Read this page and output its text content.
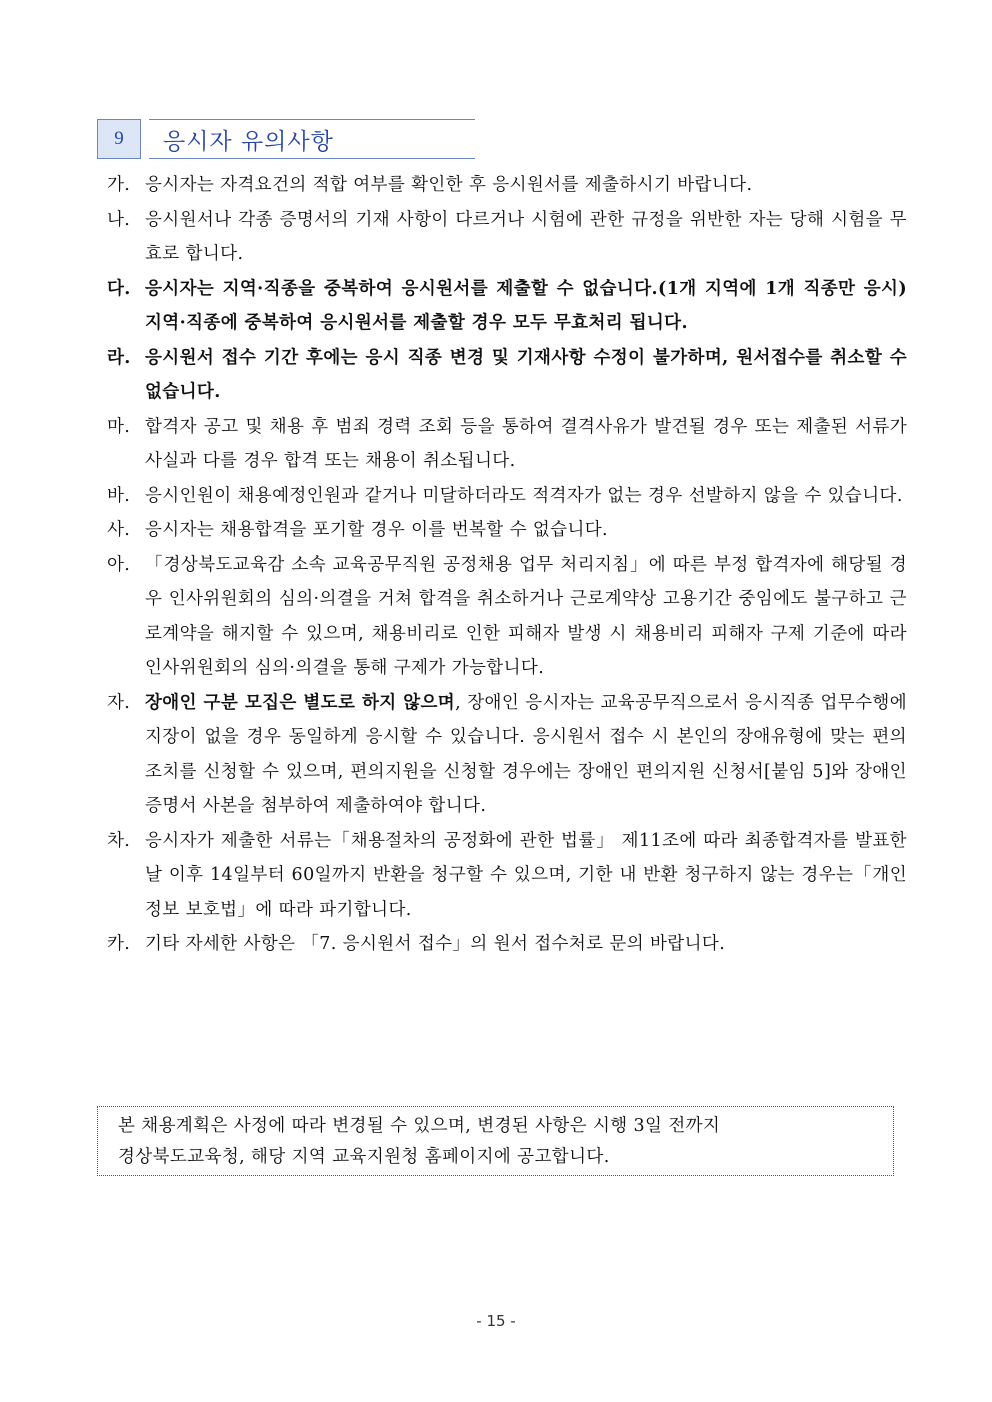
9	응시자 유의사항
가. 응시자는 자격요건의 적합 여부를 확인한 후 응시원서를 제출하시기 바랍니다.
나. 응시원서나 각종 증명서의 기재 사항이 다르거나 시험에 관한 규정을 위반한 자는 당해 시험을 무효로 합니다.
다. 응시자는 지역·직종을 중복하여 응시원서를 제출할 수 없습니다.(1개 지역에 1개 직종만 응시) 지역·직종에 중복하여 응시원서를 제출할 경우 모두 무효처리 됩니다.
라. 응시원서 접수 기간 후에는 응시 직종 변경 및 기재사항 수정이 불가하며, 원서접수를 취소할 수 없습니다.
마. 합격자 공고 및 채용 후 범죄 경력 조회 등을 통하여 결격사유가 발견될 경우 또는 제출된 서류가 사실과 다를 경우 합격 또는 채용이 취소됩니다.
바. 응시인원이 채용예정인원과 같거나 미달하더라도 적격자가 없는 경우 선발하지 않을 수 있습니다.
사. 응시자는 채용합격을 포기할 경우 이를 번복할 수 없습니다.
아. 「경상북도교육감 소속 교육공무직원 공정채용 업무 처리지침」에 따른 부정 합격자에 해당될 경우 인사위원회의 심의·의결을 거쳐 합격을 취소하거나 근로계약상 고용기간 중임에도 불구하고 근로계약을 해지할 수 있으며, 채용비리로 인한 피해자 발생 시 채용비리 피해자 구제 기준에 따라 인사위원회의 심의·의결을 통해 구제가 가능합니다.
자. 장애인 구분 모집은 별도로 하지 않으며, 장애인 응시자는 교육공무직으로서 응시직종 업무수행에 지장이 없을 경우 동일하게 응시할 수 있습니다. 응시원서 접수 시 본인의 장애유형에 맞는 편의 조치를 신청할 수 있으며, 편의지원을 신청할 경우에는 장애인 편의지원 신청서[붙임 5]와 장애인증명서 사본을 첨부하여 제출하여야 합니다.
차. 응시자가 제출한 서류는「채용절차의 공정화에 관한 법률」 제11조에 따라 최종합격자를 발표한 날 이후 14일부터 60일까지 반환을 청구할 수 있으며, 기한 내 반환 청구하지 않는 경우는「개인정보 보호법」에 따라 파기합니다.
카. 기타 자세한 사항은 「7. 응시원서 접수」의 원서 접수처로 문의 바랍니다.
본 채용계획은 사정에 따라 변경될 수 있으며, 변경된 사항은 시행 3일 전까지
경상북도교육청, 해당 지역 교육지원청 홈페이지에 공고합니다.
- 15 -
